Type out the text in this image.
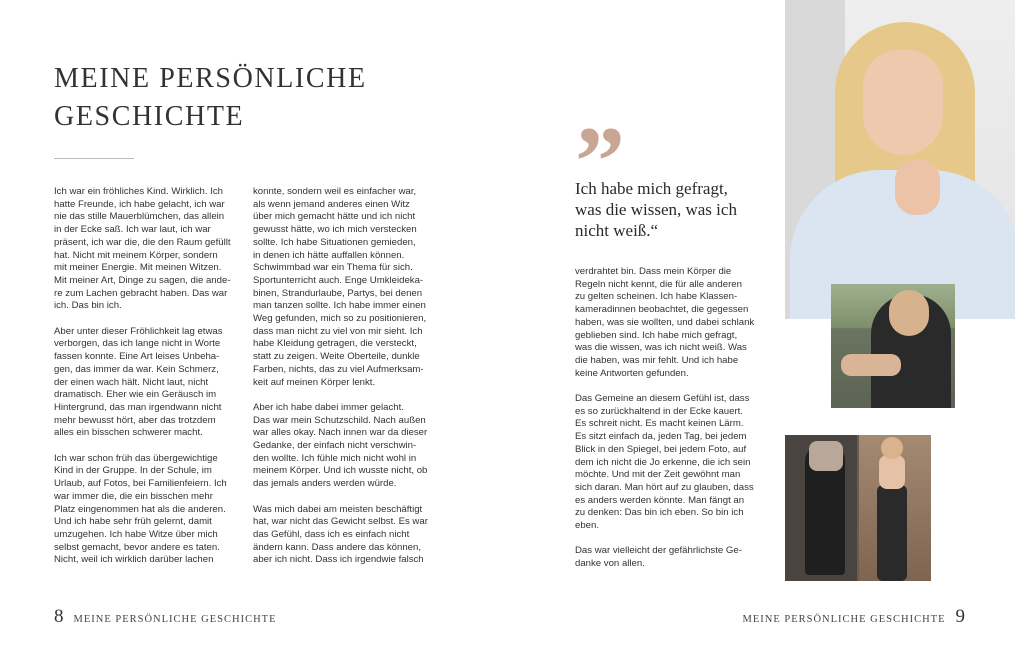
MEINE PERSÖNLICHE
GESCHICHTE

Ich war ein fröhliches Kind. Wirklich. Ich
hatte Freunde, ich habe gelacht, ich war
nie das stille Mauerblümchen, das allein
in der Ecke saß. Ich war laut, ich war
präsent, ich war die, die den Raum gefüllt
hat. Nicht mit meinem Körper, sondern
mit meiner Energie. Mit meinen Witzen.
Mit meiner Art, Dinge zu sagen, die ande-
re zum Lachen gebracht haben. Das war
ich. Das bin ich.

Aber unter dieser Fröhlichkeit lag etwas
verborgen, das ich lange nicht in Worte
fassen konnte. Eine Art leises Unbeha-
gen, das immer da war. Kein Schmerz,
der einen wach hält. Nicht laut, nicht
dramatisch. Eher wie ein Geräusch im
Hintergrund, das man irgendwann nicht
mehr bewusst hört, aber das trotzdem
alles ein bisschen schwerer macht.

Ich war schon früh das übergewichtige
Kind in der Gruppe. In der Schule, im
Urlaub, auf Fotos, bei Familienfeiern. Ich
war immer die, die ein bisschen mehr
Platz eingenommen hat als die anderen.
Und ich habe sehr früh gelernt, damit
umzugehen. Ich habe Witze über mich
selbst gemacht, bevor andere es taten.
Nicht, weil ich wirklich darüber lachen

konnte, sondern weil es einfacher war,
als wenn jemand anderes einen Witz
über mich gemacht hätte und ich nicht
gewusst hätte, wo ich mich verstecken
sollte. Ich habe Situationen gemieden,
in denen ich hätte auffallen können.
Schwimmbad war ein Thema für sich.
Sportunterricht auch. Enge Umkleideka-
binen, Strandurlaube, Partys, bei denen
man tanzen sollte. Ich habe immer einen
Weg gefunden, mich so zu positionieren,
dass man nicht zu viel von mir sieht. Ich
habe Kleidung getragen, die versteckt,
statt zu zeigen. Weite Oberteile, dunkle
Farben, nichts, das zu viel Aufmerksam-
keit auf meinen Körper lenkt.

Aber ich habe dabei immer gelacht.
Das war mein Schutzschild. Nach außen
war alles okay. Nach innen war da dieser
Gedanke, der einfach nicht verschwin-
den wollte. Ich fühle mich nicht wohl in
meinem Körper. Und ich wusste nicht, ob
das jemals anders werden würde.

Was mich dabei am meisten beschäftigt
hat, war nicht das Gewicht selbst. Es war
das Gefühl, dass ich es einfach nicht
ändern kann. Dass andere das können,
aber ich nicht. Dass ich irgendwie falsch

”

Ich habe mich gefragt,
was die wissen, was ich
nicht weiß.“

verdrahtet bin. Dass mein Körper die
Regeln nicht kennt, die für alle anderen
zu gelten scheinen. Ich habe Klassen-
kameradinnen beobachtet, die gegessen
haben, was sie wollten, und dabei schlank
geblieben sind. Ich habe mich gefragt,
was die wissen, was ich nicht weiß. Was
die haben, was mir fehlt. Und ich habe
keine Antworten gefunden.

Das Gemeine an diesem Gefühl ist, dass
es so zurückhaltend in der Ecke kauert.
Es schreit nicht. Es macht keinen Lärm.
Es sitzt einfach da, jeden Tag, bei jedem
Blick in den Spiegel, bei jedem Foto, auf
dem ich nicht die Jo erkenne, die ich sein
möchte. Und mit der Zeit gewöhnt man
sich daran. Man hört auf zu glauben, dass
es anders werden könnte. Man fängt an
zu denken: Das bin ich eben. So bin ich
eben.

Das war vielleicht der gefährlichste Ge-
danke von allen.

8 MEINE PERSÖNLICHE GESCHICHTE	MEINE PERSÖNLICHE GESCHICHTE 9
